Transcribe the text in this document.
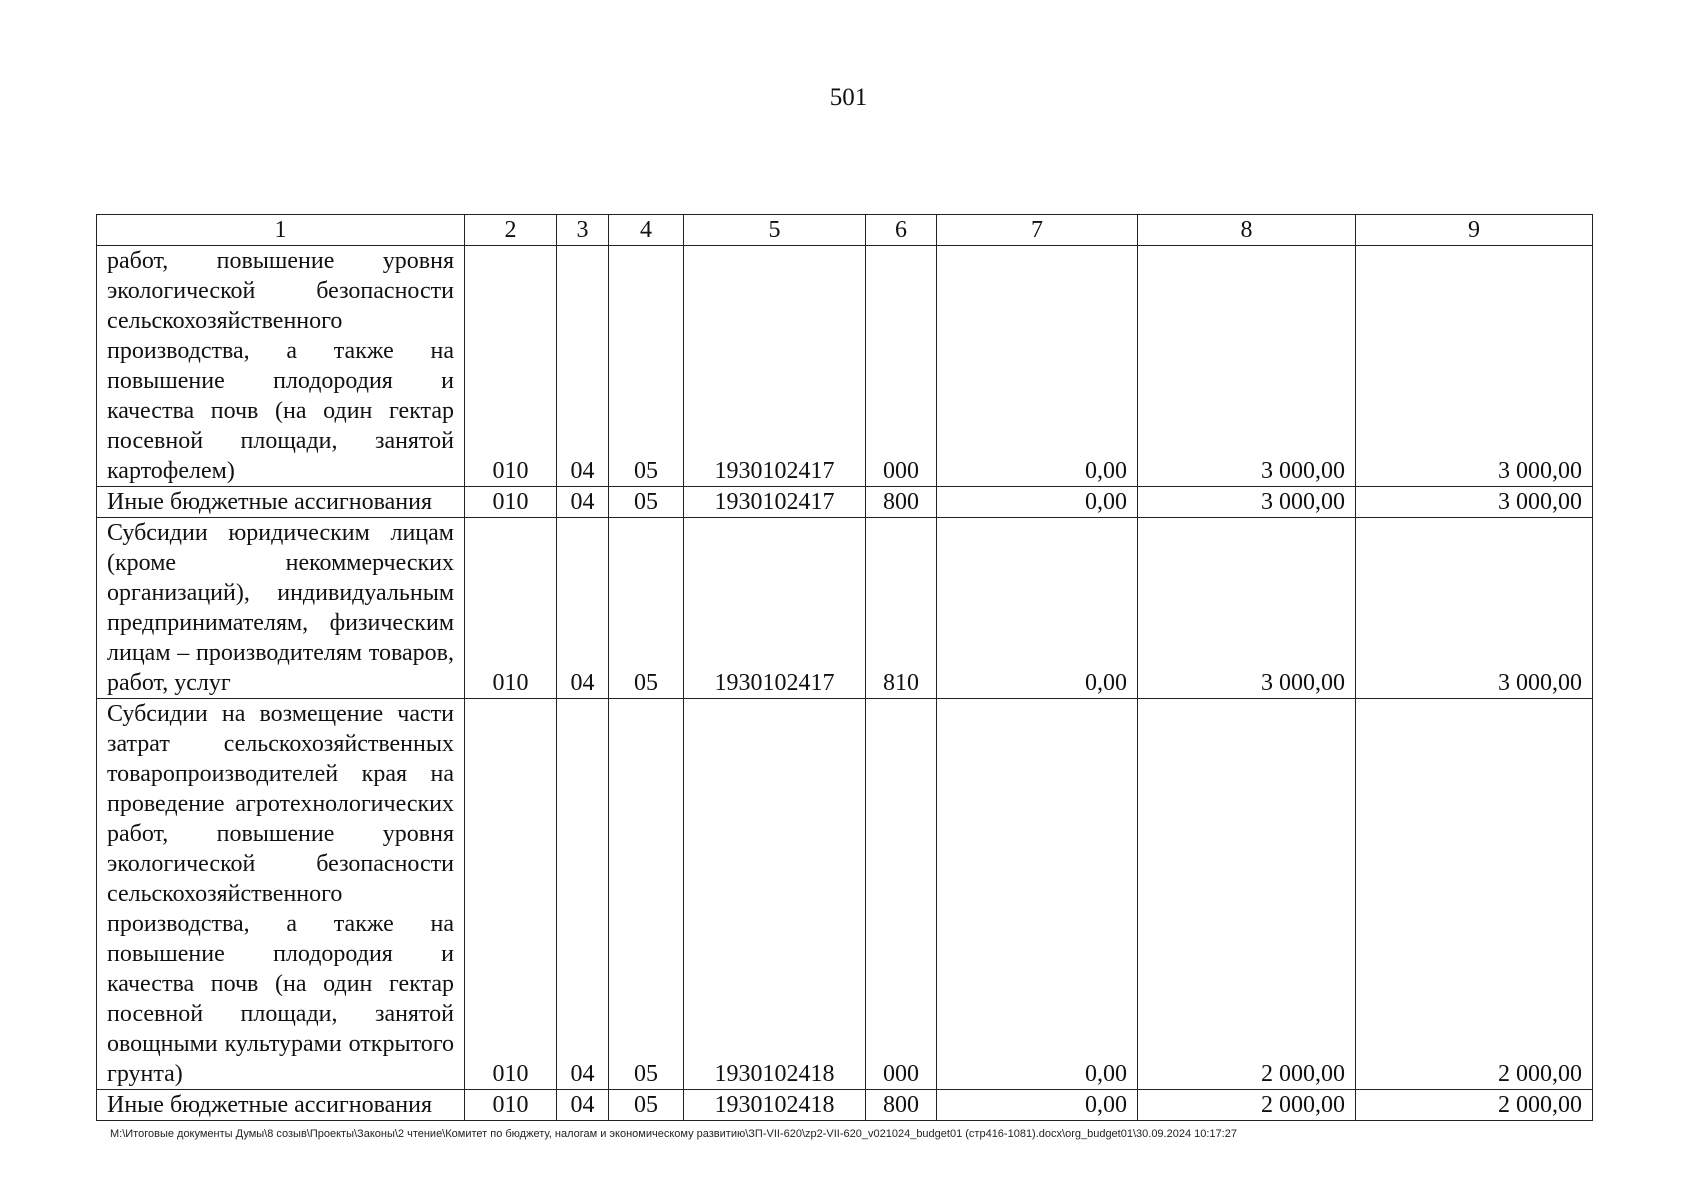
501
1	2	3	4	5	6	7	8	9
работ, повышение уровня экологической безопасности сельскохозяйственного производства, а также на повышение плодородия и качества почв (на один гектар посевной площади, занятой картофелем)	010	04	05	1930102417	000	0,00	3 000,00	3 000,00
Иные бюджетные ассигнования	010	04	05	1930102417	800	0,00	3 000,00	3 000,00
Субсидии юридическим лицам (кроме некоммерческих организаций), индивидуальным предпринимателям, физическим лицам – производителям товаров, работ, услуг	010	04	05	1930102417	810	0,00	3 000,00	3 000,00
Субсидии на возмещение части затрат сельскохозяйственных товаропроизводителей края на проведение агротехнологических работ, повышение уровня экологической безопасности сельскохозяйственного производства, а также на повышение плодородия и качества почв (на один гектар посевной площади, занятой овощными культурами открытого грунта)	010	04	05	1930102418	000	0,00	2 000,00	2 000,00
Иные бюджетные ассигнования	010	04	05	1930102418	800	0,00	2 000,00	2 000,00
М:\Итоговые документы Думы\8 созыв\Проекты\Законы\2 чтение\Комитет по бюджету, налогам и экономическому развитию\ЗП-VII-620\zp2-VII-620_v021024_budget01 (стр416-1081).docx\org_budget01\30.09.2024 10:17:27
